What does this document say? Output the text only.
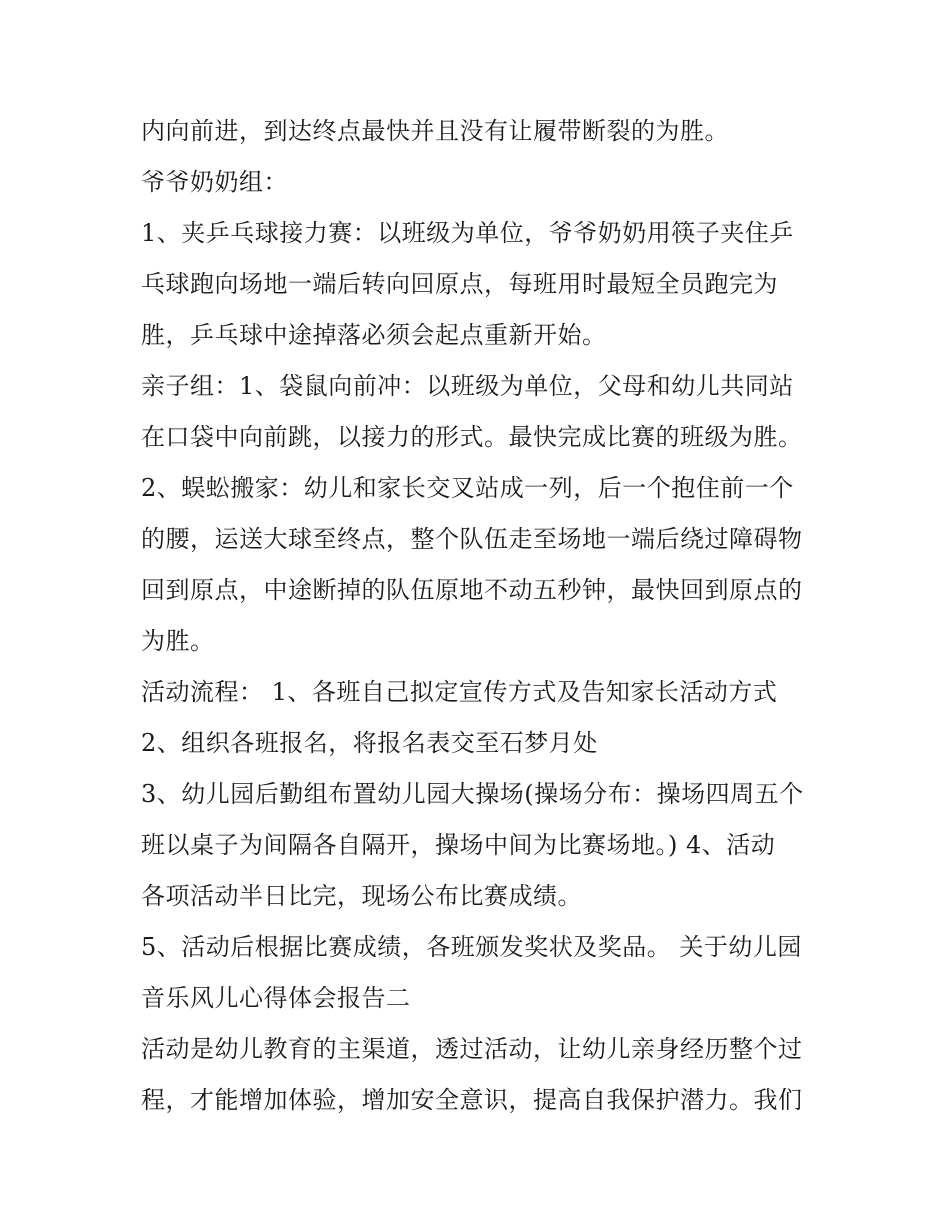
内向前进，到达终点最快并且没有让履带断裂的为胜。
爷爷奶奶组：
1、夹乒乓球接力赛：以班级为单位，爷爷奶奶用筷子夹住乒
乓球跑向场地一端后转向回原点，每班用时最短全员跑完为
胜，乒乓球中途掉落必须会起点重新开始。
亲子组：1、袋鼠向前冲：以班级为单位，父母和幼儿共同站
在口袋中向前跳，以接力的形式。最快完成比赛的班级为胜。
2、蜈蚣搬家：幼儿和家长交叉站成一列，后一个抱住前一个
的腰，运送大球至终点，整个队伍走至场地一端后绕过障碍物
回到原点，中途断掉的队伍原地不动五秒钟，最快回到原点的
为胜。
活动流程： 1、各班自己拟定宣传方式及告知家长活动方式
2、组织各班报名，将报名表交至石梦月处
3、幼儿园后勤组布置幼儿园大操场(操场分布：操场四周五个
班以桌子为间隔各自隔开，操场中间为比赛场地。) 4、活动
各项活动半日比完，现场公布比赛成绩。
5、活动后根据比赛成绩，各班颁发奖状及奖品。 关于幼儿园
音乐风儿心得体会报告二
活动是幼儿教育的主渠道，透过活动，让幼儿亲身经历整个过
程，才能增加体验，增加安全意识，提高自我保护潜力。我们
